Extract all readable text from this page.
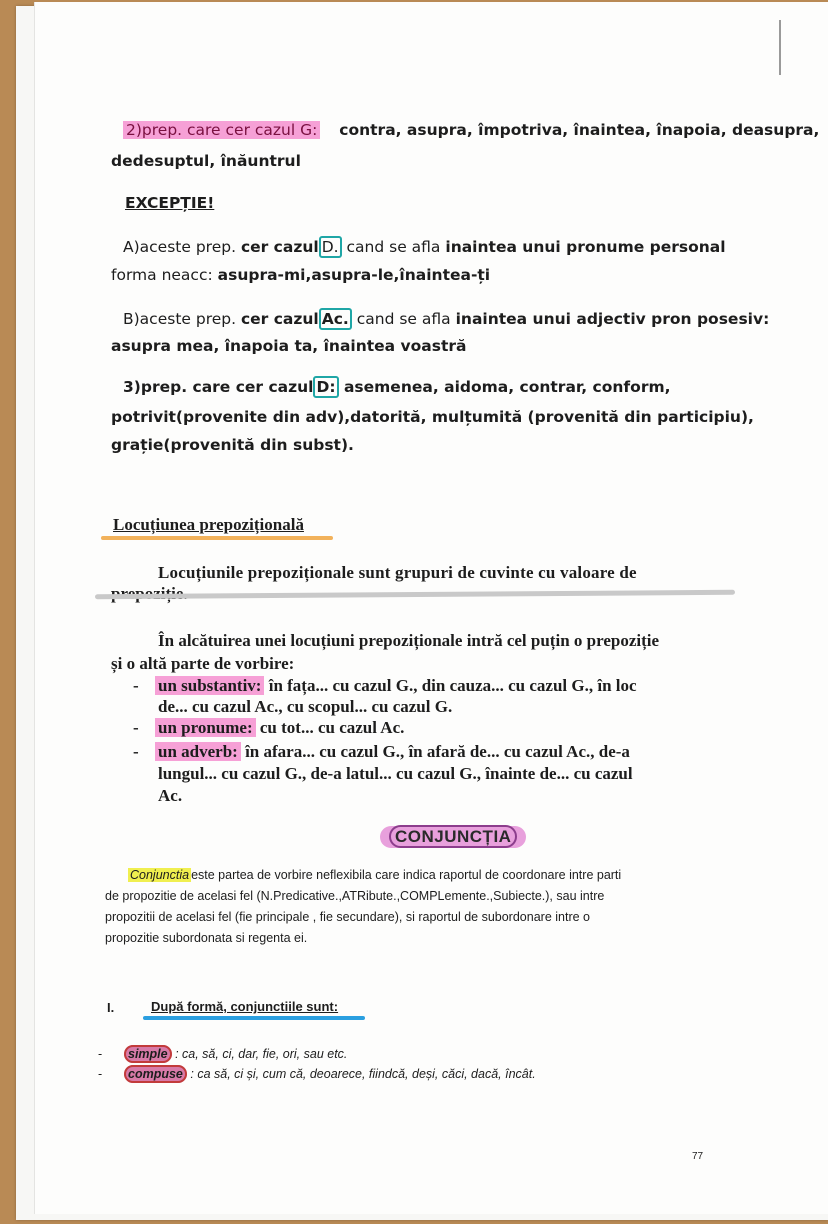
2)prep. care cer cazul G: contra, asupra, împotriva, înaintea, înapoia, deasupra,
dedesuptul, înăuntrul
EXCEPȚIE!
A)aceste prep. cer cazul D. cand se afla inaintea unui pronume personal
forma neacc: asupra-mi,asupra-le,înaintea-ți
B)aceste prep. cer cazul Ac. cand se afla inaintea unui adjectiv pron posesiv:
asupra mea, înapoia ta, înaintea voastră
3)prep. care cer cazul D: asemenea, aidoma, contrar, conform,
potrivit(provenite din adv),datorită, mulțumită (provenită din participiu),
grație(provenită din subst).
Locuțiunea prepozițională
Locuțiunile prepoziționale sunt grupuri de cuvinte cu valoare de
În alcătuirea unei locuțiuni prepoziționale intră cel puțin o prepoziție
și o altă parte de vorbire:
- un substantiv: în fața... cu cazul G., din cauza... cu cazul G., în loc
de... cu cazul Ac., cu scopul... cu cazul G.
- un pronume: cu tot... cu cazul Ac.
- un adverb: în afara... cu cazul G., în afară de... cu cazul Ac., de-a
lungul... cu cazul G., de-a latul... cu cazul G., înainte de... cu cazul
Ac.
CONJUNCȚIA
Conjunctia este partea de vorbire neflexibila care indica raportul de coordonare intre parti
de propozitie de acelasi fel (N.Predicative.,ATRibute.,COMPLemente.,Subiecte.), sau intre
propozitii de acelasi fel (fie principale , fie secundare), si raportul de subordonare intre o
propozitie subordonata si regenta ei.
I.	După formă, conjunctiile sunt:
-	simple : ca, să, ci, dar, fie, ori, sau etc.
-	compuse : ca să, ci și, cum că, deoarece, fiindcă, deși, căci, dacă, încât.
77
